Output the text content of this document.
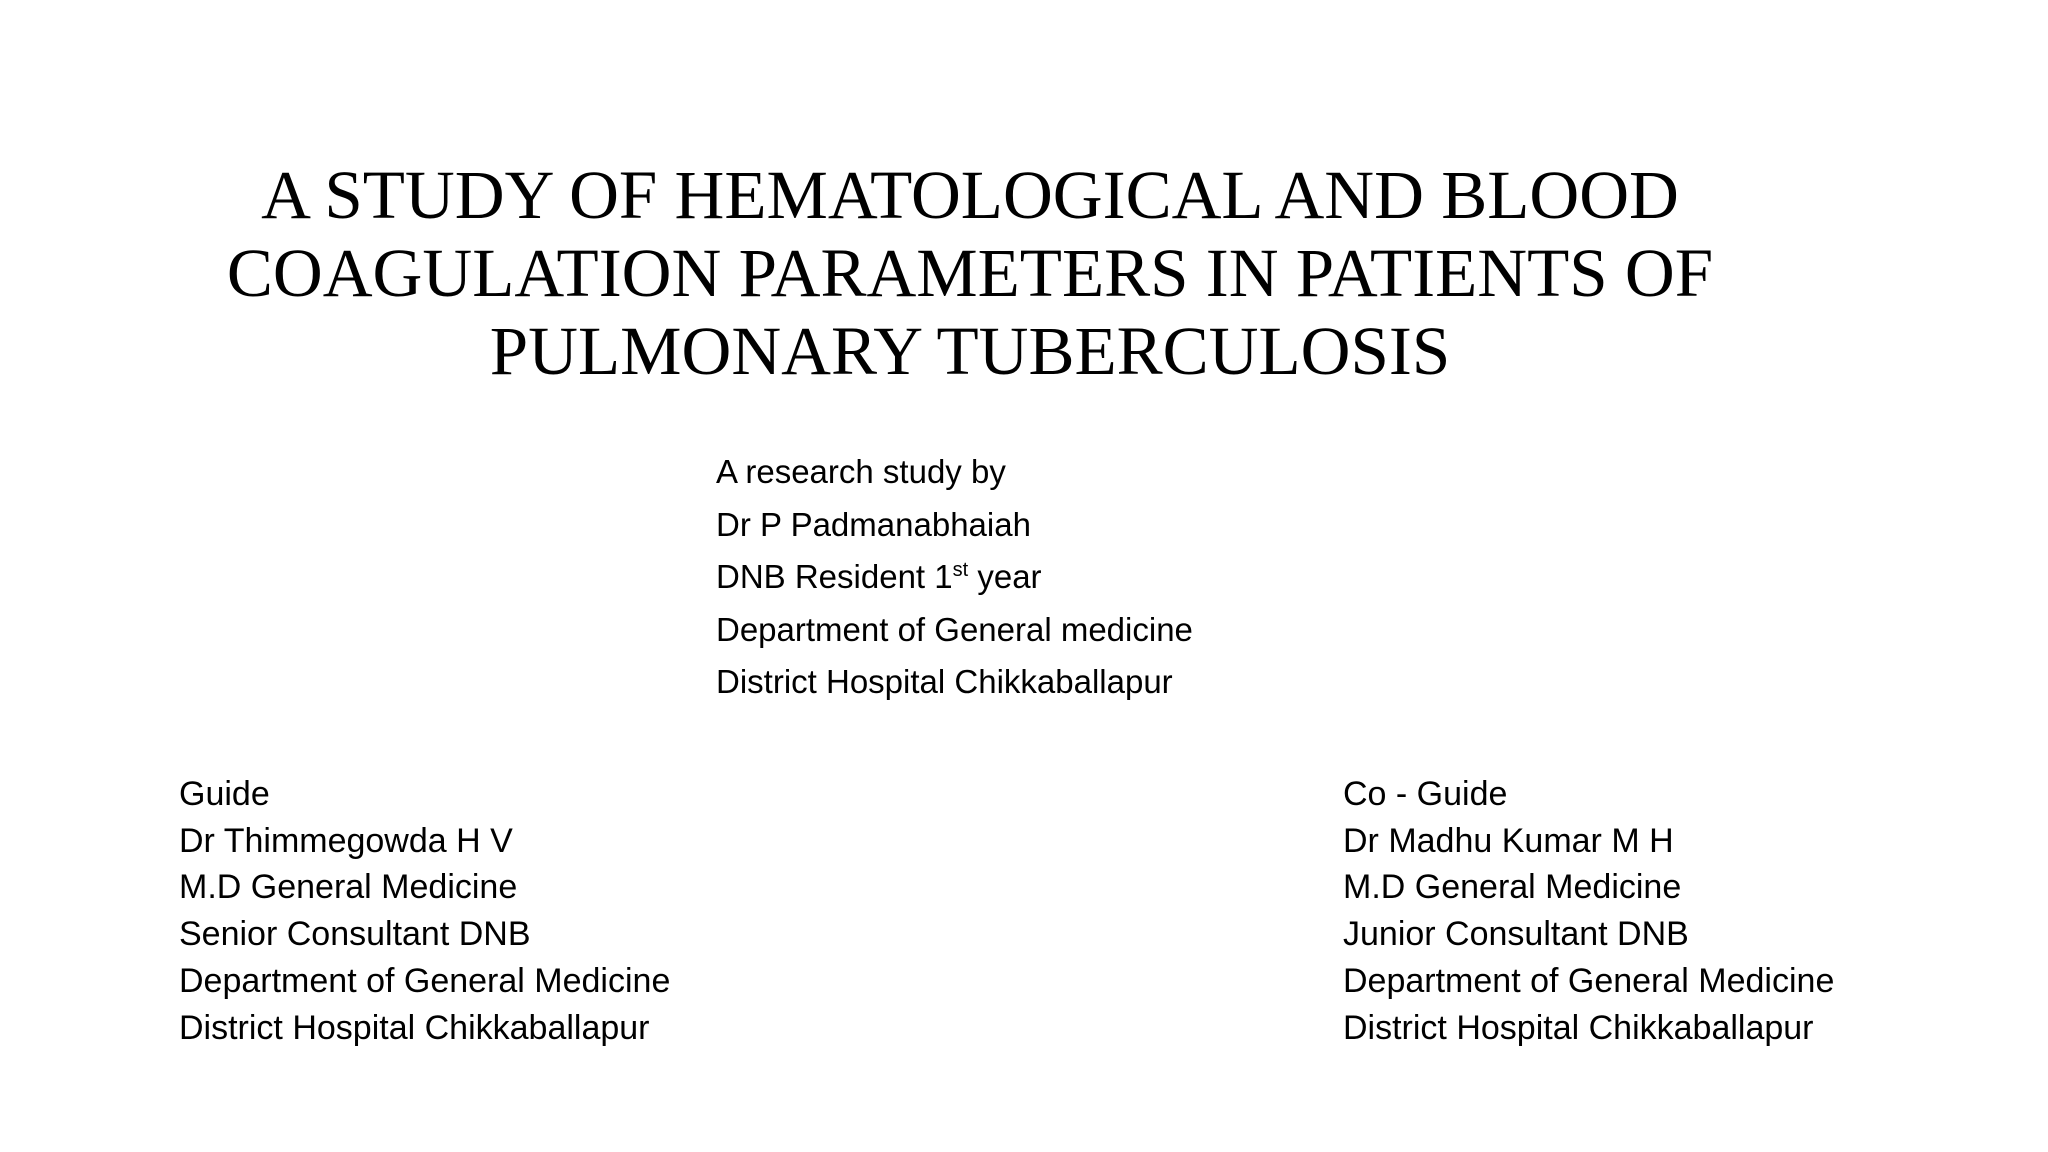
A STUDY OF HEMATOLOGICAL AND BLOOD
COAGULATION PARAMETERS IN PATIENTS OF
PULMONARY TUBERCULOSIS
A research study by
Dr P Padmanabhaiah
DNB Resident 1st year
Department of General medicine
District Hospital Chikkaballapur
Guide
Dr Thimmegowda H V
M.D General Medicine
Senior Consultant DNB
Department of General Medicine
District Hospital Chikkaballapur
Co - Guide
Dr Madhu Kumar M H
M.D General Medicine
Junior Consultant DNB
Department of General Medicine
District Hospital Chikkaballapur
